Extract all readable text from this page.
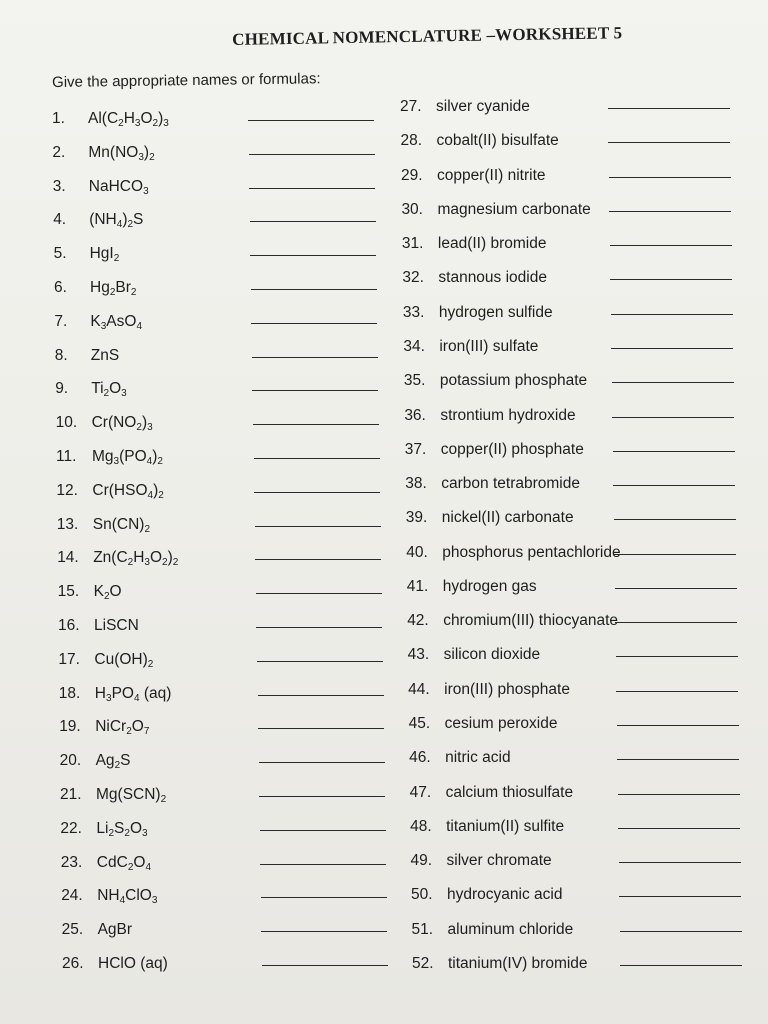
CHEMICAL NOMENCLATURE –WORKSHEET 5
Give the appropriate names or formulas:
1. $Al(C_2H_3O_2)_3$
2. $Mn(NO_3)_2$
3. NaHCO$_3$
4. $(NH_4)_2S$
5. HgI$_2$
6. $Hg_2Br_2$
7. $K_3AsO_4$
8. ZnS
9. $Ti_2O_3$
10. $Cr(NO_2)_3$
11. $Mg_3(PO_4)_2$
12. $Cr(HSO_4)_2$
13. $Sn(CN)_2$
14. $Zn(C_2H_3O_2)_2$
15. $K_2O$
16. LiSCN
17. $Cu(OH)_2$
18. $H_3PO_4$ (aq)
19. $NiCr_2O_7$
20. $Ag_2S$
21. $Mg(SCN)_2$
22. $Li_2S_2O_3$
23. $CdC_2O_4$
24. $NH_4ClO_3$
25. AgBr
26. HClO (aq)
27. silver cyanide
28. cobalt(II) bisulfate
29. copper(II) nitrite
30. magnesium carbonate
31. lead(II) bromide
32. stannous iodide
33. hydrogen sulfide
34. iron(III) sulfate
35. potassium phosphate
36. strontium hydroxide
37. copper(II) phosphate
38. carbon tetrabromide
39. nickel(II) carbonate
40. phosphorus pentachloride
41. hydrogen gas
42. chromium(III) thiocyanate
43. silicon dioxide
44. iron(III) phosphate
45. cesium peroxide
46. nitric acid
47. calcium thiosulfate
48. titanium(II) sulfite
49. silver chromate
50. hydrocyanic acid
51. aluminum chloride
52. titanium(IV) bromide
